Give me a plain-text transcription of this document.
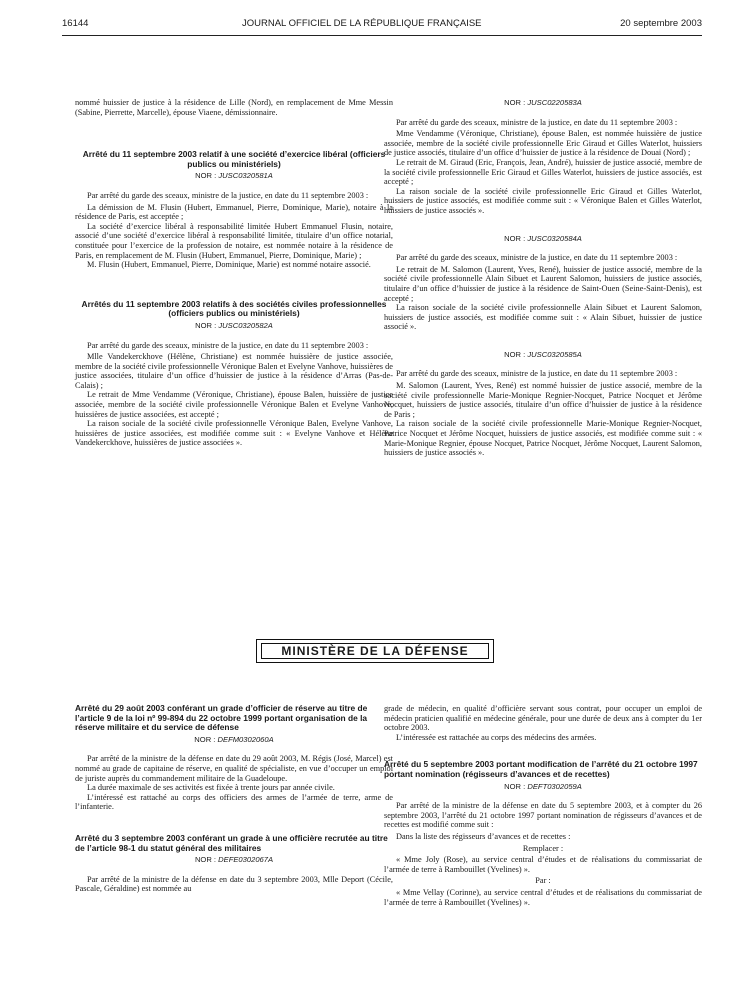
16144	JOURNAL OFFICIEL DE LA RÉPUBLIQUE FRANÇAISE	20 septembre 2003

nommé huissier de justice à la résidence de Lille (Nord), en remplacement de Mme Messin (Sabine, Pierrette, Marcelle), épouse Viaene, démissionnaire.

Arrêté du 11 septembre 2003 relatif à une société d’exercice libéral (officiers publics ou ministériels)
NOR : JUSC0320581A

Par arrêté du garde des sceaux, ministre de la justice, en date du 11 septembre 2003 :

La démission de M. Flusin (Hubert, Emmanuel, Pierre, Dominique, Marie), notaire à la résidence de Paris, est acceptée ;

La société d’exercice libéral à responsabilité limitée Hubert Emmanuel Flusin, notaire, associé d’une société d’exercice libéral à responsabilité limitée, titulaire d’un office notarial, constituée pour l’exercice de la profession de notaire, est nommée notaire à la résidence de Paris, en remplacement de M. Flusin (Hubert, Emmanuel, Pierre, Dominique, Marie) ;

M. Flusin (Hubert, Emmanuel, Pierre, Dominique, Marie) est nommé notaire associé.

Arrêtés du 11 septembre 2003 relatifs à des sociétés civiles professionnelles (officiers publics ou ministériels)
NOR : JUSC0320582A

Par arrêté du garde des sceaux, ministre de la justice, en date du 11 septembre 2003 :

Mlle Vandekerckhove (Hélène, Christiane) est nommée huissière de justice associée, membre de la société civile professionnelle Véronique Balen et Evelyne Vanhove, huissières de justice associées, titulaire d’un office d’huissier de justice à la résidence d’Arras (Pas-de-Calais) ;

Le retrait de Mme Vendamme (Véronique, Christiane), épouse Balen, huissière de justice associée, membre de la société civile professionnelle Véronique Balen et Evelyne Vanhove, huissières de justice associées, est accepté ;

La raison sociale de la société civile professionnelle Véronique Balen, Evelyne Vanhove, huissières de justice associées, est modifiée comme suit : « Evelyne Vanhove et Hélène Vandekerckhove, huissières de justice associées ».

NOR : JUSC0220583A

Par arrêté du garde des sceaux, ministre de la justice, en date du 11 septembre 2003 :

Mme Vendamme (Véronique, Christiane), épouse Balen, est nommée huissière de justice associée, membre de la société civile professionnelle Eric Giraud et Gilles Waterlot, huissiers de justice associés, titulaire d’un office d’huissier de justice à la résidence de Douai (Nord) ;

Le retrait de M. Giraud (Eric, François, Jean, André), huissier de justice associé, membre de la société civile professionnelle Eric Giraud et Gilles Waterlot, huissiers de justice associés, est accepté ;

La raison sociale de la société civile professionnelle Eric Giraud et Gilles Waterlot, huissiers de justice associés, est modifiée comme suit : « Véronique Balen et Gilles Waterlot, huissiers de justice associés ».

NOR : JUSC0320584A

Par arrêté du garde des sceaux, ministre de la justice, en date du 11 septembre 2003 :

Le retrait de M. Salomon (Laurent, Yves, René), huissier de justice associé, membre de la société civile professionnelle Alain Sibuet et Laurent Salomon, huissiers de justice associés, titulaire d’un office d’huissier de justice à la résidence de Saint-Ouen (Seine-Saint-Denis), est accepté ;

La raison sociale de la société civile professionnelle Alain Sibuet et Laurent Salomon, huissiers de justice associés, est modifiée comme suit : « Alain Sibuet, huissier de justice associé ».

NOR : JUSC0320585A

Par arrêté du garde des sceaux, ministre de la justice, en date du 11 septembre 2003 :

M. Salomon (Laurent, Yves, René) est nommé huissier de justice associé, membre de la société civile professionnelle Marie-Monique Regnier-Nocquet, Patrice Nocquet et Jérôme Nocquet, huissiers de justice associés, titulaire d’un office d’huissier de justice à la résidence de Paris ;

La raison sociale de la société civile professionnelle Marie-Monique Regnier-Nocquet, Patrice Nocquet et Jérôme Nocquet, huissiers de justice associés, est modifiée comme suit : « Marie-Monique Regnier, épouse Nocquet, Patrice Nocquet, Jérôme Nocquet, Laurent Salomon, huissiers de justice associés ».

MINISTÈRE DE LA DÉFENSE
Arrêté du 29 août 2003 conférant un grade d’officier de réserve au titre de l’article 9 de la loi nº 99-894 du 22 octobre 1999 portant organisation de la réserve militaire et du service de défense
NOR : DEFM0302060A

Par arrêté de la ministre de la défense en date du 29 août 2003, M. Régis (José, Marcel) est nommé au grade de capitaine de réserve, en qualité de spécialiste, en vue d’occuper un emploi de juriste auprès du commandement militaire de la Guadeloupe.

La durée maximale de ses activités est fixée à trente jours par année civile.

L’intéressé est rattaché au corps des officiers des armes de l’armée de terre, arme de l’infanterie.

Arrêté du 3 septembre 2003 conférant un grade à une officière recrutée au titre de l’article 98-1 du statut général des militaires
NOR : DEFE0302067A

Par arrêté de la ministre de la défense en date du 3 septembre 2003, Mlle Deport (Cécile, Pascale, Géraldine) est nommée au

grade de médecin, en qualité d’officière servant sous contrat, pour occuper un emploi de médecin praticien qualifié en médecine générale, pour une durée de deux ans à compter du 1er octobre 2003.

L’intéressée est rattachée au corps des médecins des armées.

Arrêté du 5 septembre 2003 portant modification de l’arrêté du 21 octobre 1997 portant nomination (régisseurs d’avances et de recettes)
NOR : DEFT0302059A

Par arrêté de la ministre de la défense en date du 5 septembre 2003, et à compter du 26 septembre 2003, l’arrêté du 21 octobre 1997 portant nomination de régisseurs d’avances et de recettes est modifié comme suit :

Dans la liste des régisseurs d’avances et de recettes :

Remplacer :

« Mme Joly (Rose), au service central d’études et de réalisations du commissariat de l’armée de terre à Rambouillet (Yvelines) ».

Par :

« Mme Vellay (Corinne), au service central d’études et de réalisations du commissariat de l’armée de terre à Rambouillet (Yvelines) ».
